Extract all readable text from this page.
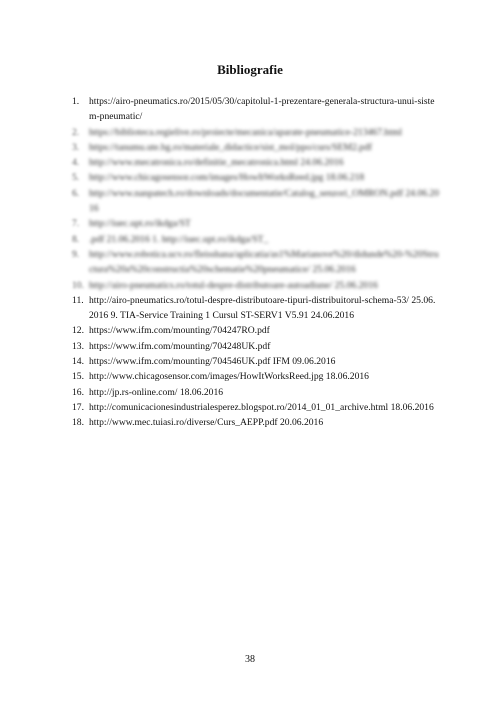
Bibliografie
1.	https://airo-pneumatics.ro/2015/05/30/capitolul-1-prezentare-generala-structura-unui-sistem-pneumatic/
2.	https://biblioteca.regielive.ro/proiecte/mecanica/aparate-pneumatice-213467.html
3.	https://tanumu.ute.bg.ro/materiale_didactice/sist_mol/ppo/curs/SEM2.pdf
4.	http://www.mecatronica.ro/definitie_mecatronica.html 24.06.2016
5.	http://www.chicagosensor.com/images/HowItWorksReed.jpg 18.06.218
6.	http://www.nanpatech.ro/downloads/documentatie/Catalog_senzori_OMRON.pdf 24.06.2016
7.	http://iuec.upt.ro/ikdga/ST
8.	.pdf 21.06.2016 1. http://iuec.upt.ro/ikdga/ST_
9.	http://www.robotica.ucv.ro/fleisshana/aplicatia/as1%Marianove%20/didunde%20-%20Structura%20a%20constructia%20schematie%20pneumatice/ 25.06.2016
10. http://airo-pneumatics.ro/totul-despre-distributoare-autoadiune/ 25.06.2016
11. http://airo-pneumatics.ro/totul-despre-distributoare-tipuri-distribuitorul-schema-53/ 25.06.2016 9. TIA-Service Training 1 Cursul ST-SERV1 V5.91 24.06.2016
12. https://www.ifm.com/mounting/704247RO.pdf
13. https://www.ifm.com/mounting/704248UK.pdf
14. https://www.ifm.com/mounting/704546UK.pdf IFM 09.06.2016
15. http://www.chicagosensor.com/images/HowItWorksReed.jpg 18.06.2016
16. http://jp.rs-online.com/ 18.06.2016
17. http://comunicacionesindustrialesperez.blogspot.ro/2014_01_01_archive.html 18.06.2016
18. http://www.mec.tuiasi.ro/diverse/Curs_AEPP.pdf 20.06.2016
38
